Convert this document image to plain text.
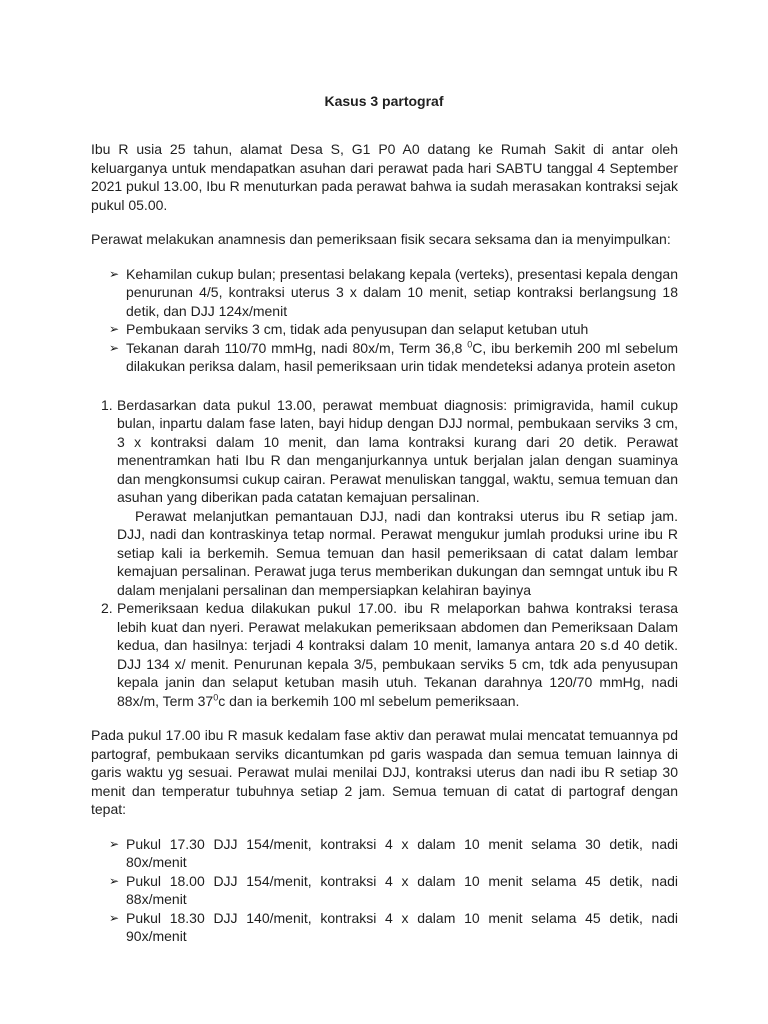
Kasus 3 partograf

Ibu R usia 25 tahun, alamat Desa S, G1 P0 A0 datang ke Rumah Sakit di antar oleh keluarganya untuk mendapatkan asuhan dari perawat pada hari SABTU tanggal 4 September 2021 pukul 13.00, Ibu R menuturkan pada perawat bahwa ia sudah merasakan kontraksi sejak pukul 05.00.

Perawat melakukan anamnesis dan pemeriksaan fisik secara seksama dan ia menyimpulkan:

➢ Kehamilan cukup bulan; presentasi belakang kepala (verteks), presentasi kepala dengan penurunan 4/5, kontraksi uterus 3 x dalam 10 menit, setiap kontraksi berlangsung 18 detik, dan DJJ 124x/menit
➢ Pembukaan serviks 3 cm, tidak ada penyusupan dan selaput ketuban utuh
➢ Tekanan darah 110/70 mmHg, nadi 80x/m, Term 36,8 $^0$C, ibu berkemih 200 ml sebelum dilakukan periksa dalam, hasil pemeriksaan urin tidak mendeteksi adanya protein aseton
1. Berdasarkan data pukul 13.00, perawat membuat diagnosis: primigravida, hamil cukup bulan, inpartu dalam fase laten, bayi hidup dengan DJJ normal, pembukaan serviks 3 cm, 3 x kontraksi dalam 10 menit, dan lama kontraksi kurang dari 20 detik. Perawat menentramkan hati Ibu R dan menganjurkannya untuk berjalan jalan dengan suaminya dan mengkonsumsi cukup cairan. Perawat menuliskan tanggal, waktu, semua temuan dan asuhan yang diberikan pada catatan kemajuan persalinan.
Perawat melanjutkan pemantauan DJJ, nadi dan kontraksi uterus ibu R setiap jam. DJJ, nadi dan kontraskinya tetap normal. Perawat mengukur jumlah produksi urine ibu R setiap kali ia berkemih. Semua temuan dan hasil pemeriksaan di catat dalam lembar kemajuan persalinan. Perawat juga terus memberikan dukungan dan semngat untuk ibu R dalam menjalani persalinan dan mempersiapkan kelahiran bayinya
2. Pemeriksaan kedua dilakukan pukul 17.00. ibu R melaporkan bahwa kontraksi terasa lebih kuat dan nyeri. Perawat melakukan pemeriksaan abdomen dan Pemeriksaan Dalam kedua, dan hasilnya: terjadi 4 kontraksi dalam 10 menit, lamanya antara 20 s.d 40 detik. DJJ 134 x/ menit. Penurunan kepala 3/5, pembukaan serviks 5 cm, tdk ada penyusupan kepala janin dan selaput ketuban masih utuh. Tekanan darahnya 120/70 mmHg, nadi 88x/m, Term $37^0c$ dan ia berkemih 100 ml sebelum pemeriksaan.

Pada pukul 17.00 ibu R masuk kedalam fase aktiv dan perawat mulai mencatat temuannya pd partograf, pembukaan serviks dicantumkan pd garis waspada dan semua temuan lainnya di garis waktu yg sesuai. Perawat mulai menilai DJJ, kontraksi uterus dan nadi ibu R setiap 30 menit dan temperatur tubuhnya setiap 2 jam. Semua temuan di catat di partograf dengan tepat:

➢ Pukul 17.30 DJJ 154/menit, kontraksi 4 x dalam 10 menit selama 30 detik, nadi 80x/menit
➢ Pukul 18.00 DJJ 154/menit, kontraksi 4 x dalam 10 menit selama 45 detik, nadi 88x/menit
➢ Pukul 18.30 DJJ 140/menit, kontraksi 4 x dalam 10 menit selama 45 detik, nadi 90x/menit
